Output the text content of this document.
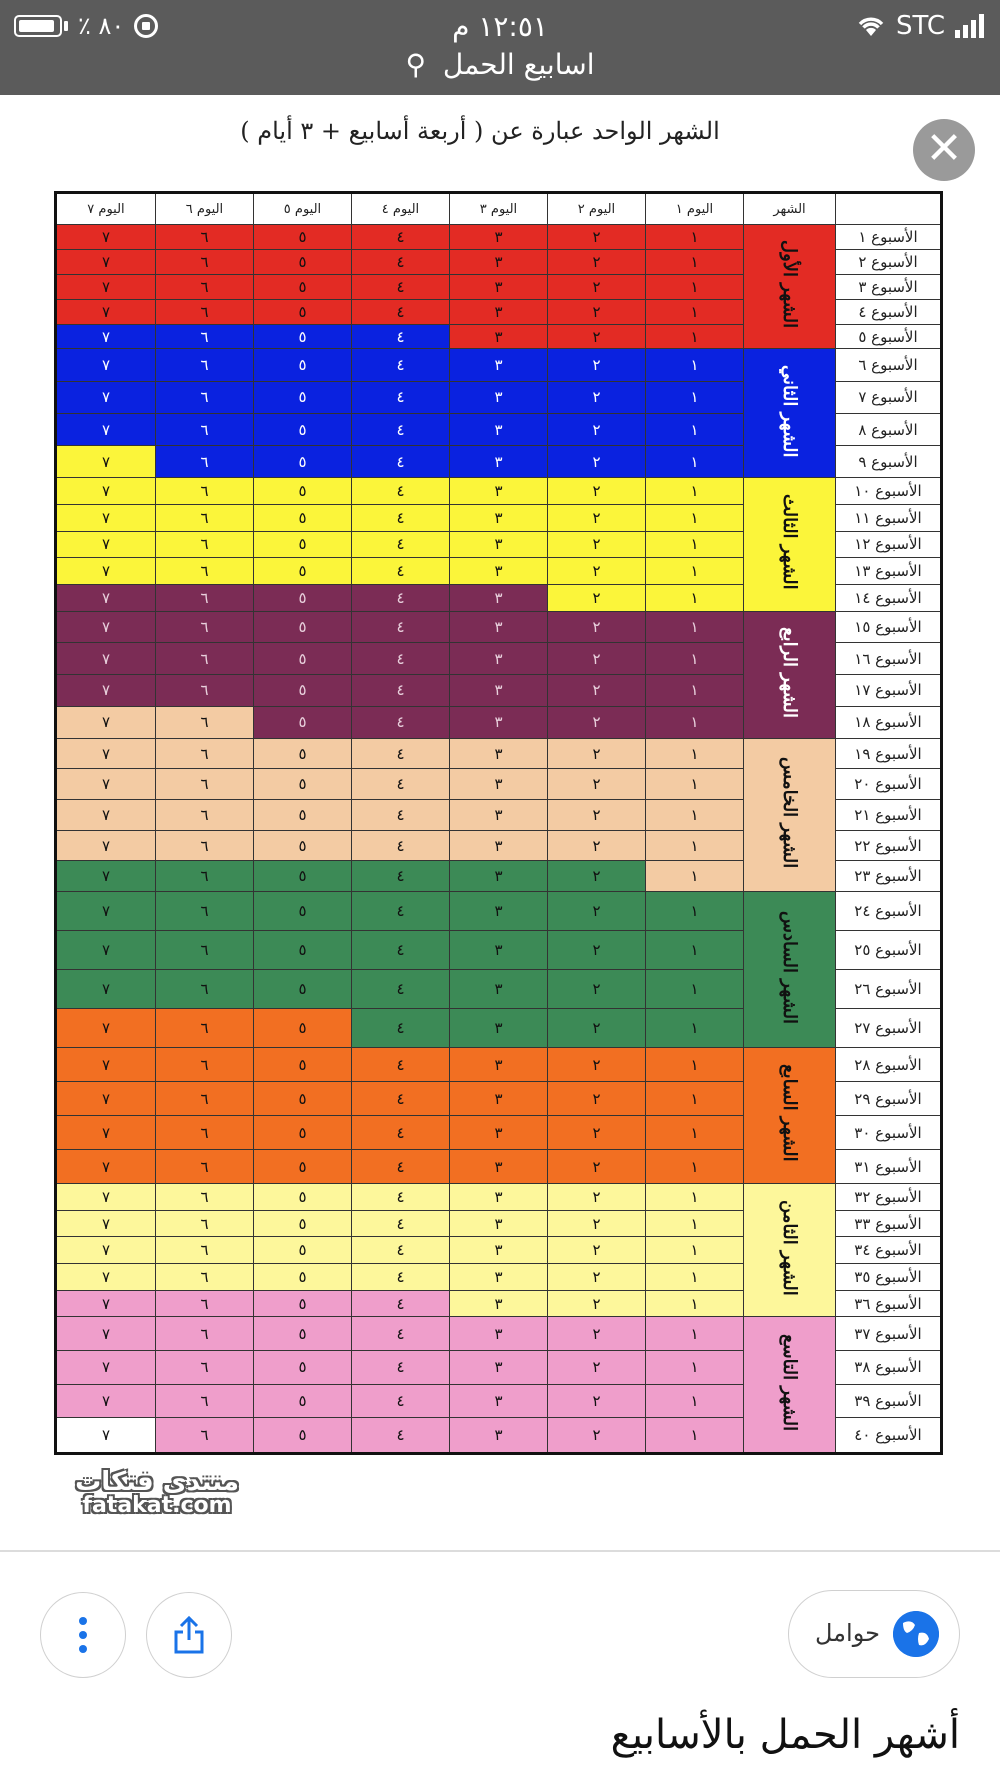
٪ ٨٠	١٢:٥١ م	STC
اسابيع الحمل ⚲
الشهر الواحد عبارة عن ( أربعة أسابيع + ٣ أيام )	✕
	الشهر	اليوم ١	اليوم ٢	اليوم ٣	اليوم ٤	اليوم ٥	اليوم ٦	اليوم ٧
الأسبوع ١	الشهر الأول	١	٢	٣	٤	٥	٦	٧
الأسبوع ٢		١	٢	٣	٤	٥	٦	٧
الأسبوع ٣		١	٢	٣	٤	٥	٦	٧
الأسبوع ٤		١	٢	٣	٤	٥	٦	٧
الأسبوع ٥		١	٢	٣	٤	٥	٦	٧
الأسبوع ٦	الشهر الثاني	١	٢	٣	٤	٥	٦	٧
الأسبوع ٧		١	٢	٣	٤	٥	٦	٧
الأسبوع ٨		١	٢	٣	٤	٥	٦	٧
الأسبوع ٩		١	٢	٣	٤	٥	٦	٧
الأسبوع ١٠	الشهر الثالث	١	٢	٣	٤	٥	٦	٧
الأسبوع ١١		١	٢	٣	٤	٥	٦	٧
الأسبوع ١٢		١	٢	٣	٤	٥	٦	٧
الأسبوع ١٣		١	٢	٣	٤	٥	٦	٧
الأسبوع ١٤		١	٢	٣	٤	٥	٦	٧
الأسبوع ١٥	الشهر الرابع	١	٢	٣	٤	٥	٦	٧
الأسبوع ١٦		١	٢	٣	٤	٥	٦	٧
الأسبوع ١٧		١	٢	٣	٤	٥	٦	٧
الأسبوع ١٨		١	٢	٣	٤	٥	٦	٧
الأسبوع ١٩	الشهر الخامس	١	٢	٣	٤	٥	٦	٧
الأسبوع ٢٠		١	٢	٣	٤	٥	٦	٧
الأسبوع ٢١		١	٢	٣	٤	٥	٦	٧
الأسبوع ٢٢		١	٢	٣	٤	٥	٦	٧
الأسبوع ٢٣		١	٢	٣	٤	٥	٦	٧
الأسبوع ٢٤	الشهر السادس	١	٢	٣	٤	٥	٦	٧
الأسبوع ٢٥		١	٢	٣	٤	٥	٦	٧
الأسبوع ٢٦		١	٢	٣	٤	٥	٦	٧
الأسبوع ٢٧		١	٢	٣	٤	٥	٦	٧
الأسبوع ٢٨	الشهر السابع	١	٢	٣	٤	٥	٦	٧
الأسبوع ٢٩		١	٢	٣	٤	٥	٦	٧
الأسبوع ٣٠		١	٢	٣	٤	٥	٦	٧
الأسبوع ٣١		١	٢	٣	٤	٥	٦	٧
الأسبوع ٣٢	الشهر الثامن	١	٢	٣	٤	٥	٦	٧
الأسبوع ٣٣		١	٢	٣	٤	٥	٦	٧
الأسبوع ٣٤		١	٢	٣	٤	٥	٦	٧
الأسبوع ٣٥		١	٢	٣	٤	٥	٦	٧
الأسبوع ٣٦		١	٢	٣	٤	٥	٦	٧
الأسبوع ٣٧	الشهر التاسع	١	٢	٣	٤	٥	٦	٧
الأسبوع ٣٨		١	٢	٣	٤	٥	٦	٧
الأسبوع ٣٩		١	٢	٣	٤	٥	٦	٧
الأسبوع ٤٠		١	٢	٣	٤	٥	٦	٧
منتدى فتكات
fatakat.com
حوامل
أشهر الحمل بالأسابيع
